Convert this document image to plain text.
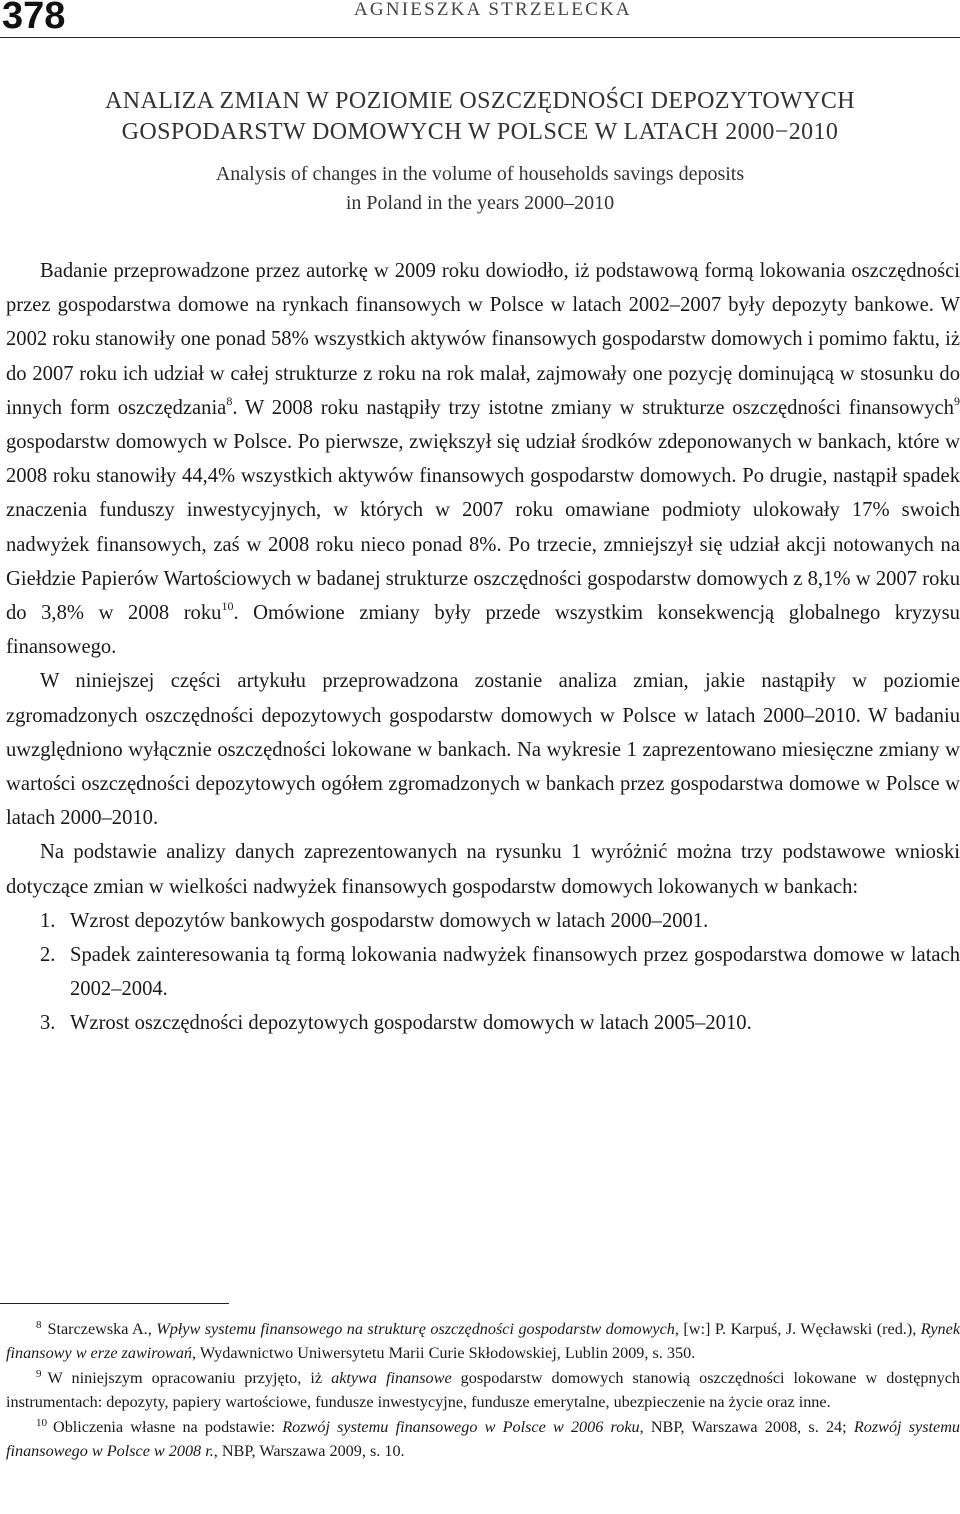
378	AGNIESZKA STRZELECKA
ANALIZA ZMIAN W POZIOMIE OSZCZĘDNOŚCI DEPOZYTOWYCH
GOSPODARSTW DOMOWYCH W POLSCE W LATACH 2000−2010
Analysis of changes in the volume of households savings deposits
in Poland in the years 2000‒2010

Badanie przeprowadzone przez autorkę w 2009 roku dowiodło, iż podstawową formą lokowania oszczędności przez gospodarstwa domowe na rynkach finansowych w Polsce w latach 2002‒2007 były depozyty bankowe. W 2002 roku stanowiły one ponad 58% wszystkich aktywów finansowych gospodarstw domowych i pomimo faktu, iż do 2007 roku ich udział w całej strukturze z roku na rok malał, zajmowały one pozycję dominującą w stosunku do innych form oszczędzania$^8$. W 2008 roku nastąpiły trzy istotne zmiany w strukturze oszczędności finansowych$^9$ gospodarstw domowych w Polsce. Po pierwsze, zwiększył się udział środków zdeponowanych w bankach, które w 2008 roku stanowiły 44,4% wszystkich aktywów finansowych gospodarstw domowych. Po drugie, nastąpił spadek znaczenia funduszy inwestycyjnych, w których w 2007 roku omawiane podmioty ulokowały 17% swoich nadwyżek finansowych, zaś w 2008 roku nieco ponad 8%. Po trzecie, zmniejszył się udział akcji notowanych na Giełdzie Papierów Wartościowych w badanej strukturze oszczędności gospodarstw domowych z 8,1% w 2007 roku do 3,8% w 2008 roku$^{10}$. Omówione zmiany były przede wszystkim konsekwencją globalnego kryzysu finansowego.

W niniejszej części artykułu przeprowadzona zostanie analiza zmian, jakie nastąpiły w poziomie zgromadzonych oszczędności depozytowych gospodarstw domowych w Polsce w latach 2000‒2010. W badaniu uwzględniono wyłącznie oszczędności lokowane w bankach. Na wykresie 1 zaprezentowano miesięczne zmiany w wartości oszczędności depozytowych ogółem zgromadzonych w bankach przez gospodarstwa domowe w Polsce w latach 2000‒2010.

Na podstawie analizy danych zaprezentowanych na rysunku 1 wyróżnić można trzy podstawowe wnioski dotyczące zmian w wielkości nadwyżek finansowych gospodarstw domowych lokowanych w bankach:

1. Wzrost depozytów bankowych gospodarstw domowych w latach 2000‒2001.
2. Spadek zainteresowania tą formą lokowania nadwyżek finansowych przez gospodarstwa domowe w latach 2002‒2004.
3. Wzrost oszczędności depozytowych gospodarstw domowych w latach 2005‒2010.

$^8$ Starczewska A., Wpływ systemu finansowego na strukturę oszczędności gospodarstw domowych, [w:] P. Karpuś, J. Węcławski (red.), Rynek finansowy w erze zawirowań, Wydawnictwo Uniwersytetu Marii Curie Skłodowskiej, Lublin 2009, s. 350.

$^9$ W niniejszym opracowaniu przyjęto, iż aktywa finansowe gospodarstw domowych stanowią oszczędności lokowane w dostępnych instrumentach: depozyty, papiery wartościowe, fundusze inwestycyjne, fundusze emerytalne, ubezpieczenie na życie oraz inne.

$^{10}$ Obliczenia własne na podstawie: Rozwój systemu finansowego w Polsce w 2006 roku, NBP, Warszawa 2008, s. 24; Rozwój systemu finansowego w Polsce w 2008 r., NBP, Warszawa 2009, s. 10.
